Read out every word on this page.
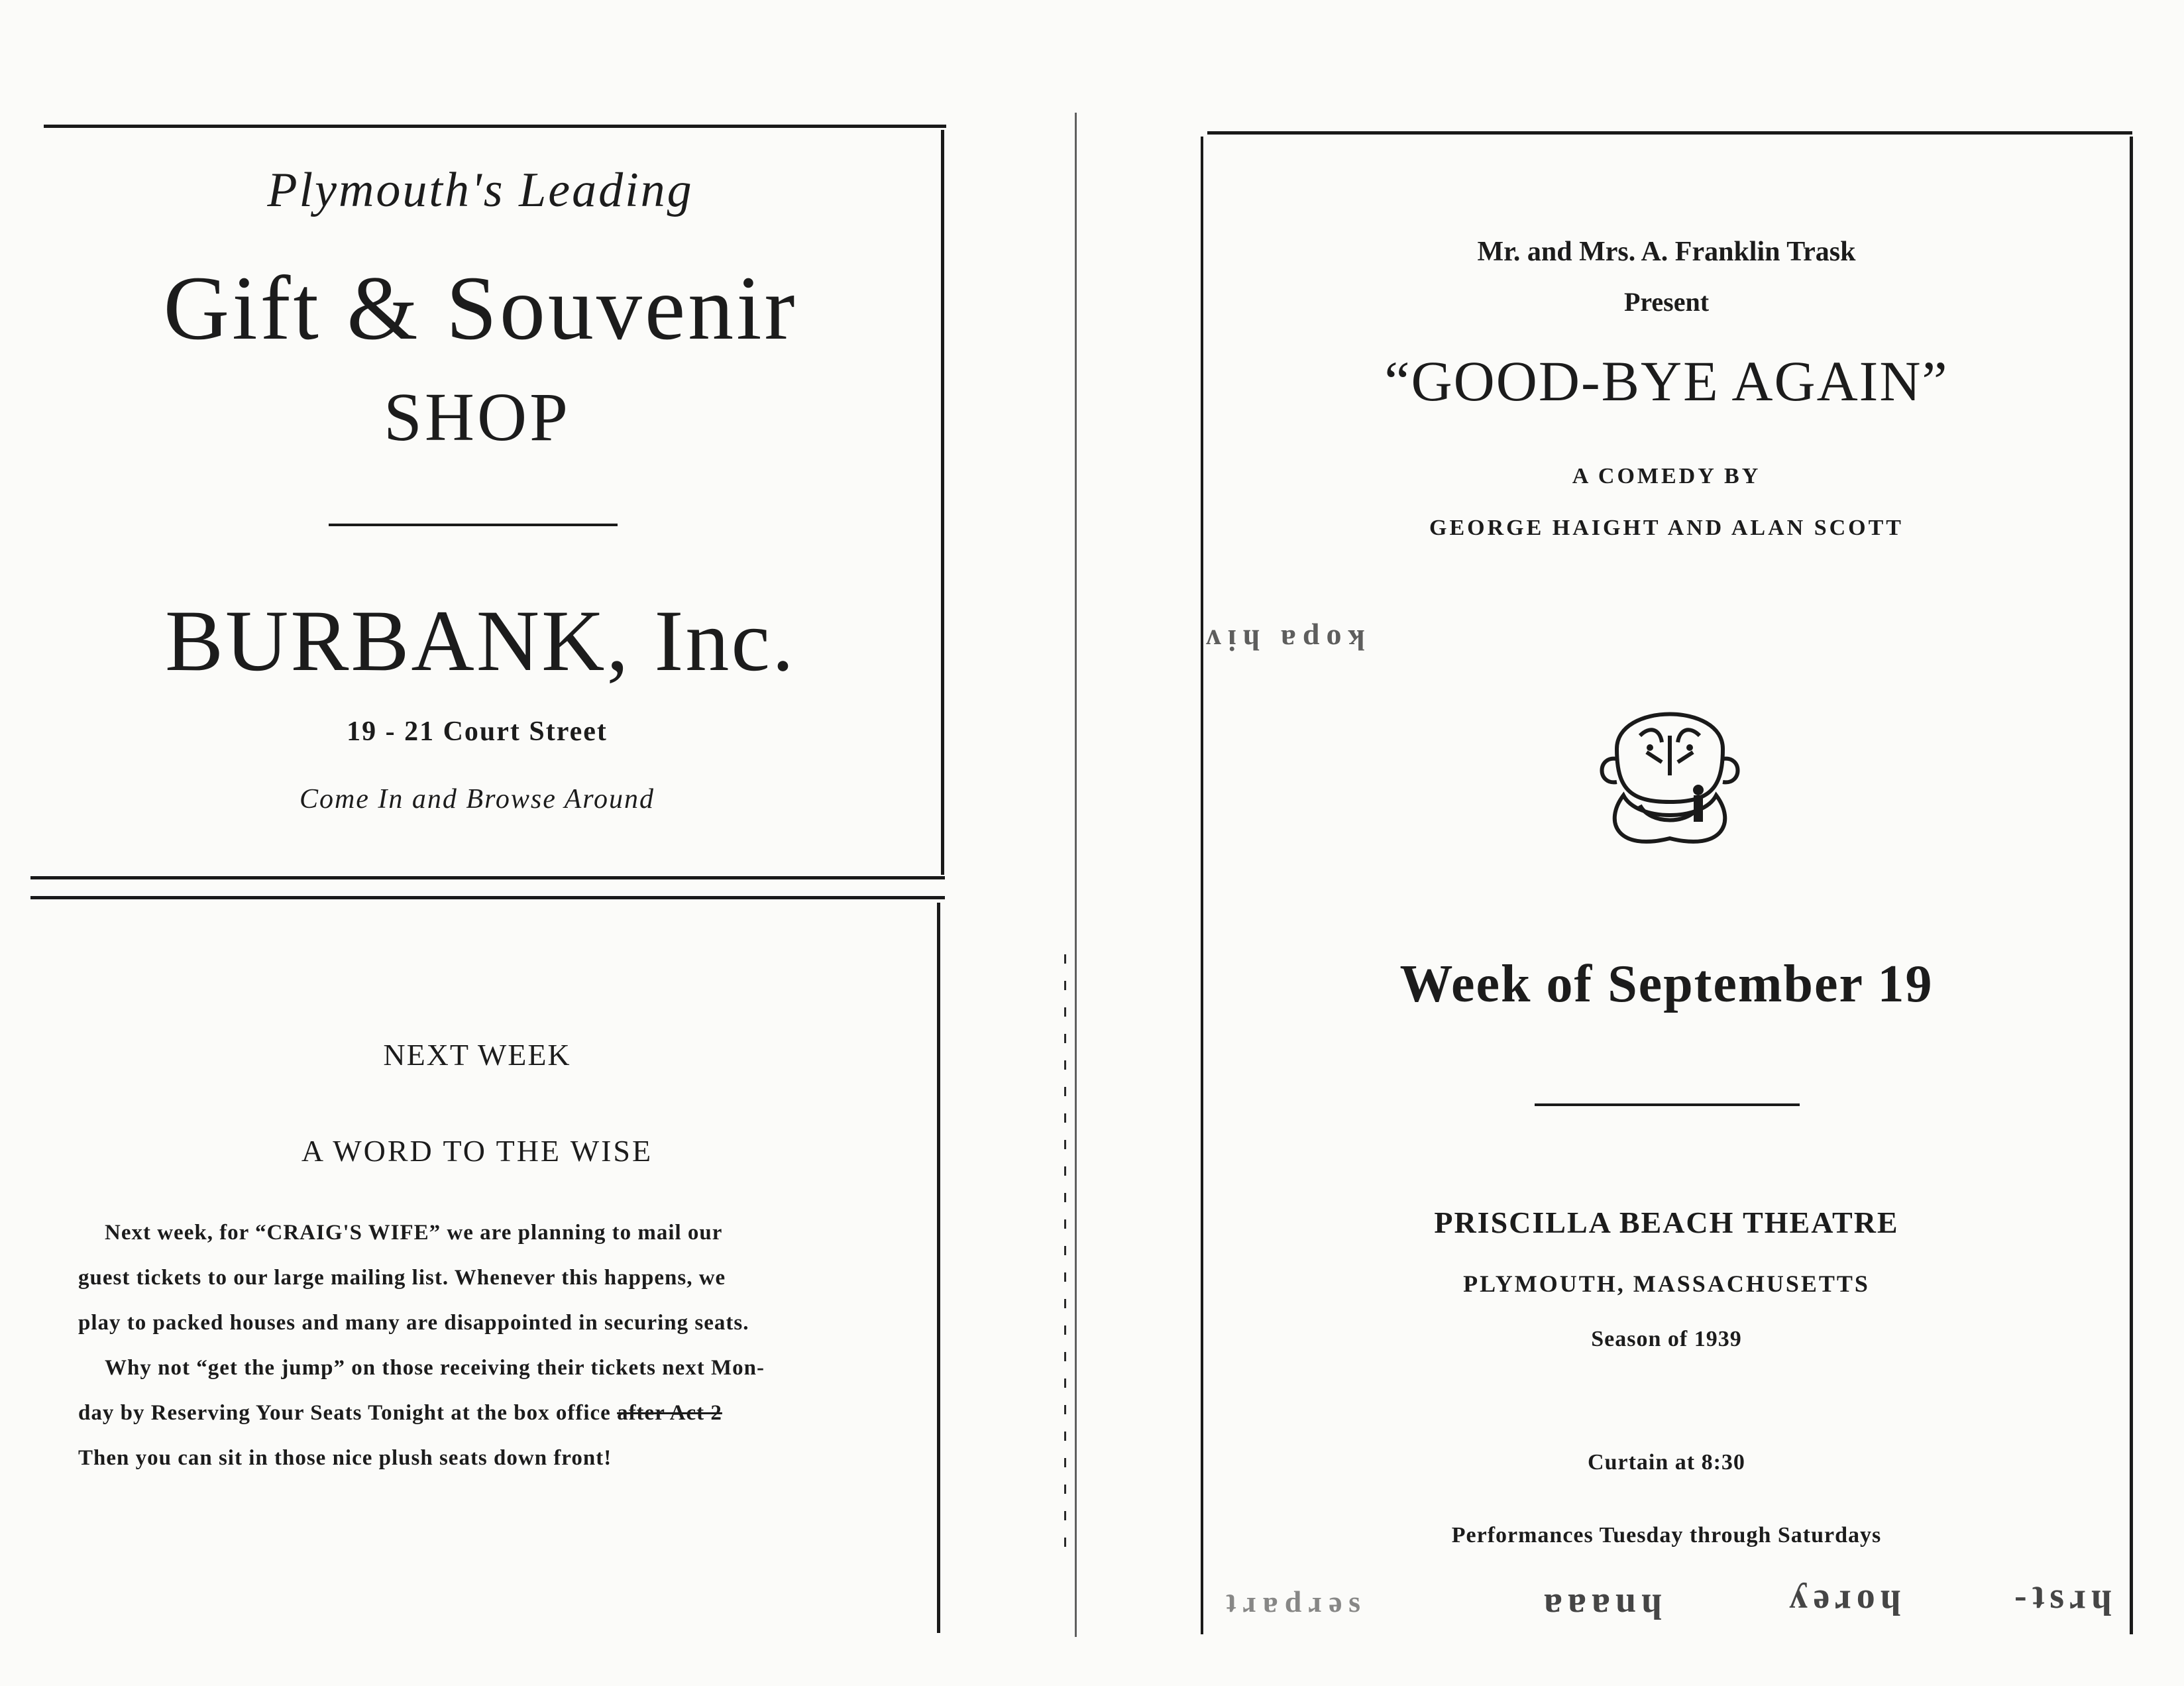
Plymouth's Leading
Gift & Souvenir
SHOP
BURBANK, Inc.
19 - 21 Court Street
Come In and Browse Around
NEXT WEEK
A WORD TO THE WISE
Next week, for “CRAIG'S WIFE” we are planning to mail our
guest tickets to our large mailing list. Whenever this happens, we
play to packed houses and many are disappointed in securing seats.
Why not “get the jump” on those receiving their tickets next Mon-
day by Reserving Your Seats Tonight at the box office after Act 2
Then you can sit in those nice plush seats down front!
Mr. and Mrs. A. Franklin Trask
Present
“GOOD-BYE AGAIN”
A COMEDY BY
GEORGE HAIGHT AND ALAN SCOTT
ʌᴉɥ ɐdoʞ
Week of September 19
PRISCILLA BEACH THEATRE
PLYMOUTH, MASSACHUSETTS
Season of 1939
Curtain at 8:30
Performances Tuesday through Saturdays
ʇɹɐdɹǝs	ɐɐɐuɥ	ʎǝɹoɥ	-ʇsɹɥ
